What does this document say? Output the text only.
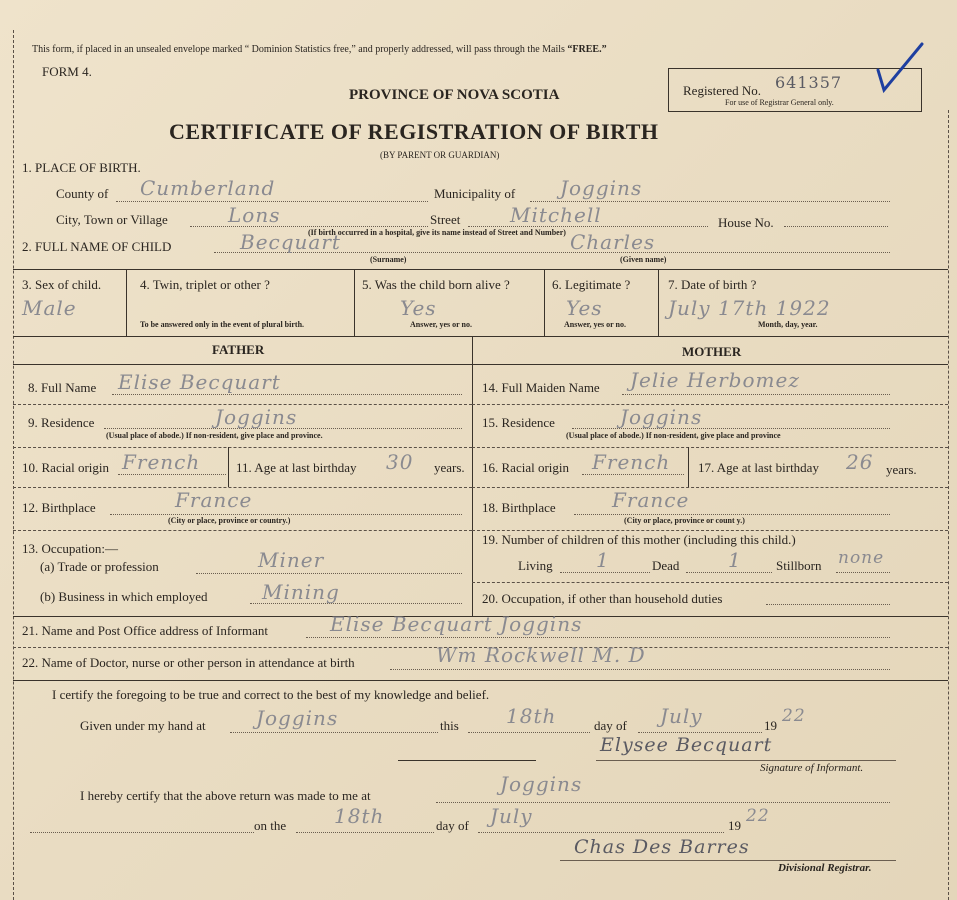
This form, if placed in an unsealed envelope marked “ Dominion Statistics free,” and properly addressed, will pass through the Mails “FREE.”
FORM 4.
Registered No. 641357
For use of Registrar General only.
PROVINCE OF NOVA SCOTIA
CERTIFICATE OF REGISTRATION OF BIRTH
(BY PARENT OR GUARDIAN)
1. PLACE OF BIRTH.
County of Cumberland	Municipality of Joggins
City, Town or Village	Lons	Street Mitchell	House No.
(If birth occurred in a hospital, give its name instead of Street and Number)
2. FULL NAME OF CHILD	Becquart	Charles
(Surname)	(Given name)
3. Sex of child.
Male
4. Twin, triplet or other ?
To be answered only in the event of plural birth.
5. Was the child born alive ?
Yes
Answer, yes or no.
6. Legitimate ?
Yes
Answer, yes or no.
7. Date of birth ?
July 17th 1922
Month, day, year.
FATHER	MOTHER
8. Full Name Elise Becquart
9. Residence	Joggins
(Usual place of abode.) If non-resident, give place and province.
10. Racial origin French	11. Age at last birthday 30 years.
12. Birthplace	France
(City or place, province or country.)
13. Occupation:—
(a) Trade or profession	Miner
(b) Business in which employed	Mining
14. Full Maiden Name Jelie Herbomez
15. Residence	Joggins
(Usual place of abode.) If non-resident, give place and province
16. Racial origin French 17. Age at last birthday 26 years.
18. Birthplace	France
(City or place, province or count y.)
19. Number of children of this mother (including this child.)
Living 1	Dead 1	Stillborn none
20. Occupation, if other than household duties
21. Name and Post Office address of Informant	Elise Becquart Joggins
22. Name of Doctor, nurse or other person in attendance at birth	Wm Rockwell M. D
I certify the foregoing to be true and correct to the best of my knowledge and belief.
Given under my hand at	Joggins	this 18th	day of July	19 22
Elysee Becquart
Signature of Informant.
I hereby certify that the above return was made to me at	Joggins
on the 18th	day of July	19 22
Chas Des Barres
Divisional Registrar.
